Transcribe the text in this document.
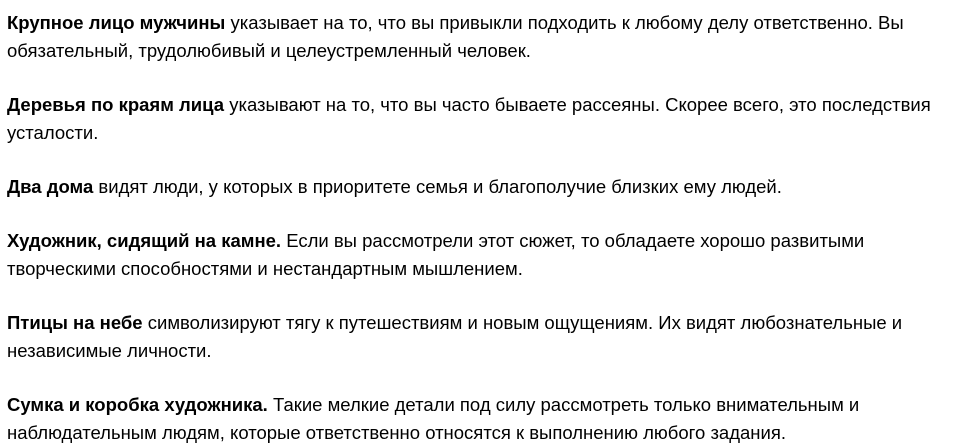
Крупное лицо мужчины указывает на то, что вы привыкли подходить к любому делу ответственно. Вы обязательный, трудолюбивый и целеустремленный человек.

Деревья по краям лица указывают на то, что вы часто бываете рассеяны. Скорее всего, это последствия усталости.

Два дома видят люди, у которых в приоритете семья и благополучие близких ему людей.

Художник, сидящий на камне. Если вы рассмотрели этот сюжет, то обладаете хорошо развитыми творческими способностями и нестандартным мышлением.

Птицы на небе символизируют тягу к путешествиям и новым ощущениям. Их видят любознательные и независимые личности.

Сумка и коробка художника. Такие мелкие детали под силу рассмотреть только внимательным и наблюдательным людям, которые ответственно относятся к выполнению любого задания.
